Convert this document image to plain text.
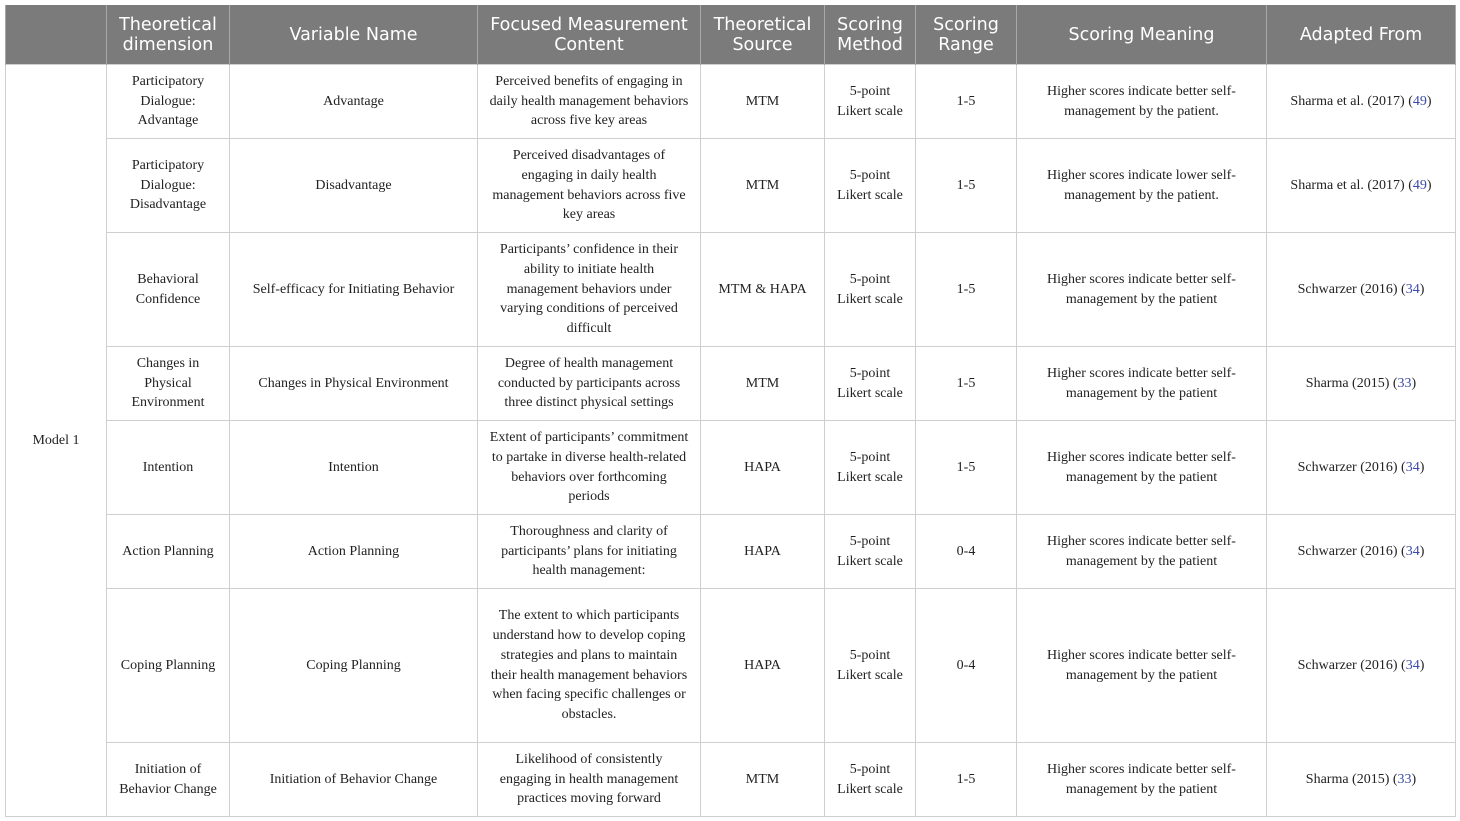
	Theoretical dimension	Variable Name	Focused Measurement Content	Theoretical Source	Scoring Method	Scoring Range	Scoring Meaning	Adapted From
Model 1	Participatory Dialogue: Advantage	Advantage	Perceived benefits of engaging in daily health management behaviors across five key areas	MTM	5-point Likert scale	1-5	Higher scores indicate better self-management by the patient.	Sharma et al. (2017) (49)
	Participatory Dialogue: Disadvantage	Disadvantage	Perceived disadvantages of engaging in daily health management behaviors across five key areas	MTM	5-point Likert scale	1-5	Higher scores indicate lower self-management by the patient.	Sharma et al. (2017) (49)
	Behavioral Confidence	Self-efficacy for Initiating Behavior	Participants’ confidence in their ability to initiate health management behaviors under varying conditions of perceived difficult	MTM & HAPA	5-point Likert scale	1-5	Higher scores indicate better self-management by the patient	Schwarzer (2016) (34)
	Changes in Physical Environment	Changes in Physical Environment	Degree of health management conducted by participants across three distinct physical settings	MTM	5-point Likert scale	1-5	Higher scores indicate better self-management by the patient	Sharma (2015) (33)
	Intention	Intention	Extent of participants’ commitment to partake in diverse health-related behaviors over forthcoming periods	HAPA	5-point Likert scale	1-5	Higher scores indicate better self-management by the patient	Schwarzer (2016) (34)
	Action Planning	Action Planning	Thoroughness and clarity of participants’ plans for initiating health management:	HAPA	5-point Likert scale	0-4	Higher scores indicate better self-management by the patient	Schwarzer (2016) (34)
	Coping Planning	Coping Planning	The extent to which participants understand how to develop coping strategies and plans to maintain their health management behaviors when facing specific challenges or obstacles.	HAPA	5-point Likert scale	0-4	Higher scores indicate better self-management by the patient	Schwarzer (2016) (34)
	Initiation of Behavior Change	Initiation of Behavior Change	Likelihood of consistently engaging in health management practices moving forward	MTM	5-point Likert scale	1-5	Higher scores indicate better self-management by the patient	Sharma (2015) (33)
